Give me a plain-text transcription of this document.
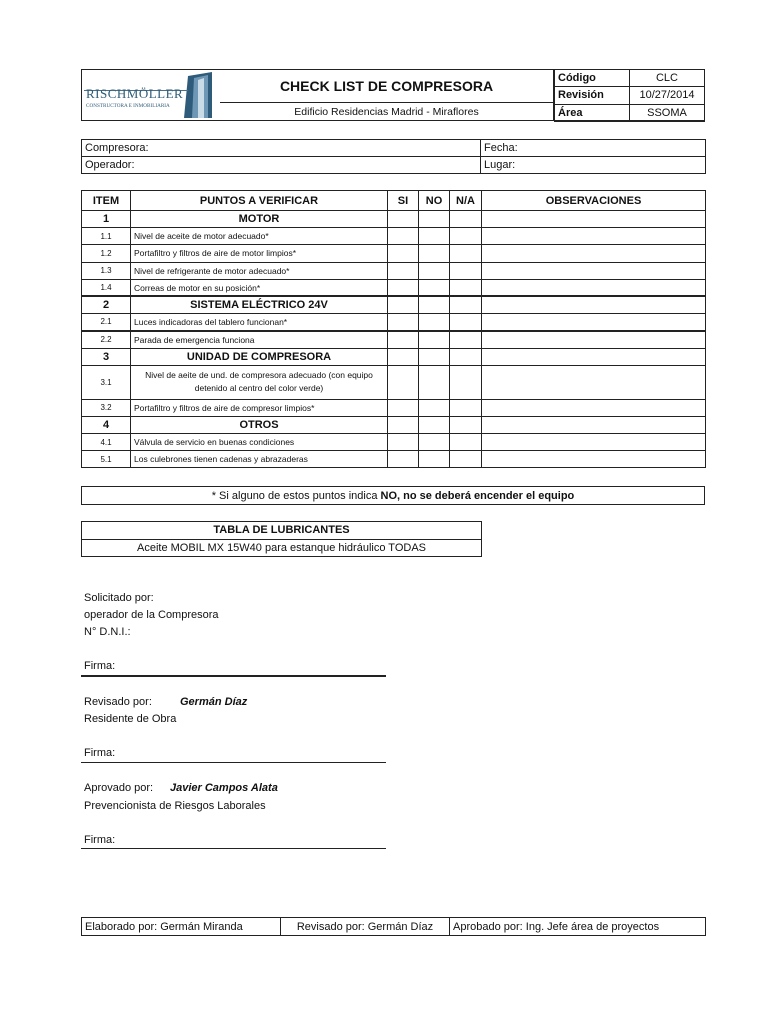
RISCHMÖLLER
CONSTRUCTORA E INMOBILIARIA
CHECK LIST DE COMPRESORA
Edificio Residencias Madrid - Miraflores
Código	CLC
Revisión	10/27/2014
Área	SSOMA
Compresora:	Fecha:
Operador:	Lugar:
ITEM	PUNTOS A VERIFICAR	SI	NO	N/A	OBSERVACIONES
1	MOTOR				
1.1	Nivel de aceite de motor adecuado*				
1.2	Portafiltro y filtros de aire de motor limpios*				
1.3	Nivel de refrigerante de motor adecuado*				
1.4	Correas de motor en su posición*				
2	SISTEMA ELÉCTRICO 24V				
2.1	Luces indicadoras del tablero funcionan*				
2.2	Parada de emergencia funciona				
3	UNIDAD DE COMPRESORA				
3.1	Nivel de aeite de und. de compresora adecuado (con equipo detenido al centro del color verde)				
3.2	Portafiltro y filtros de aire de compresor limpios*				
4	OTROS				
4.1	Válvula de servicio en buenas condiciones				
5.1	Los culebrones tienen cadenas y abrazaderas				
* Si alguno de estos puntos indica NO, no se deberá encender el equipo
TABLA DE LUBRICANTES
Aceite MOBIL MX 15W40 para estanque hidráulico TODAS
Solicitado por:
operador de la Compresora
N° D.N.I.:
Firma:
Revisado por:	Germán Díaz
Residente de Obra
Firma:
Aprovado por: Javier Campos Alata
Prevencionista de Riesgos Laborales
Firma:
Elaborado por: Germán Miranda	Revisado por: Germán Díaz	Aprobado por: Ing. Jefe área de proyectos
